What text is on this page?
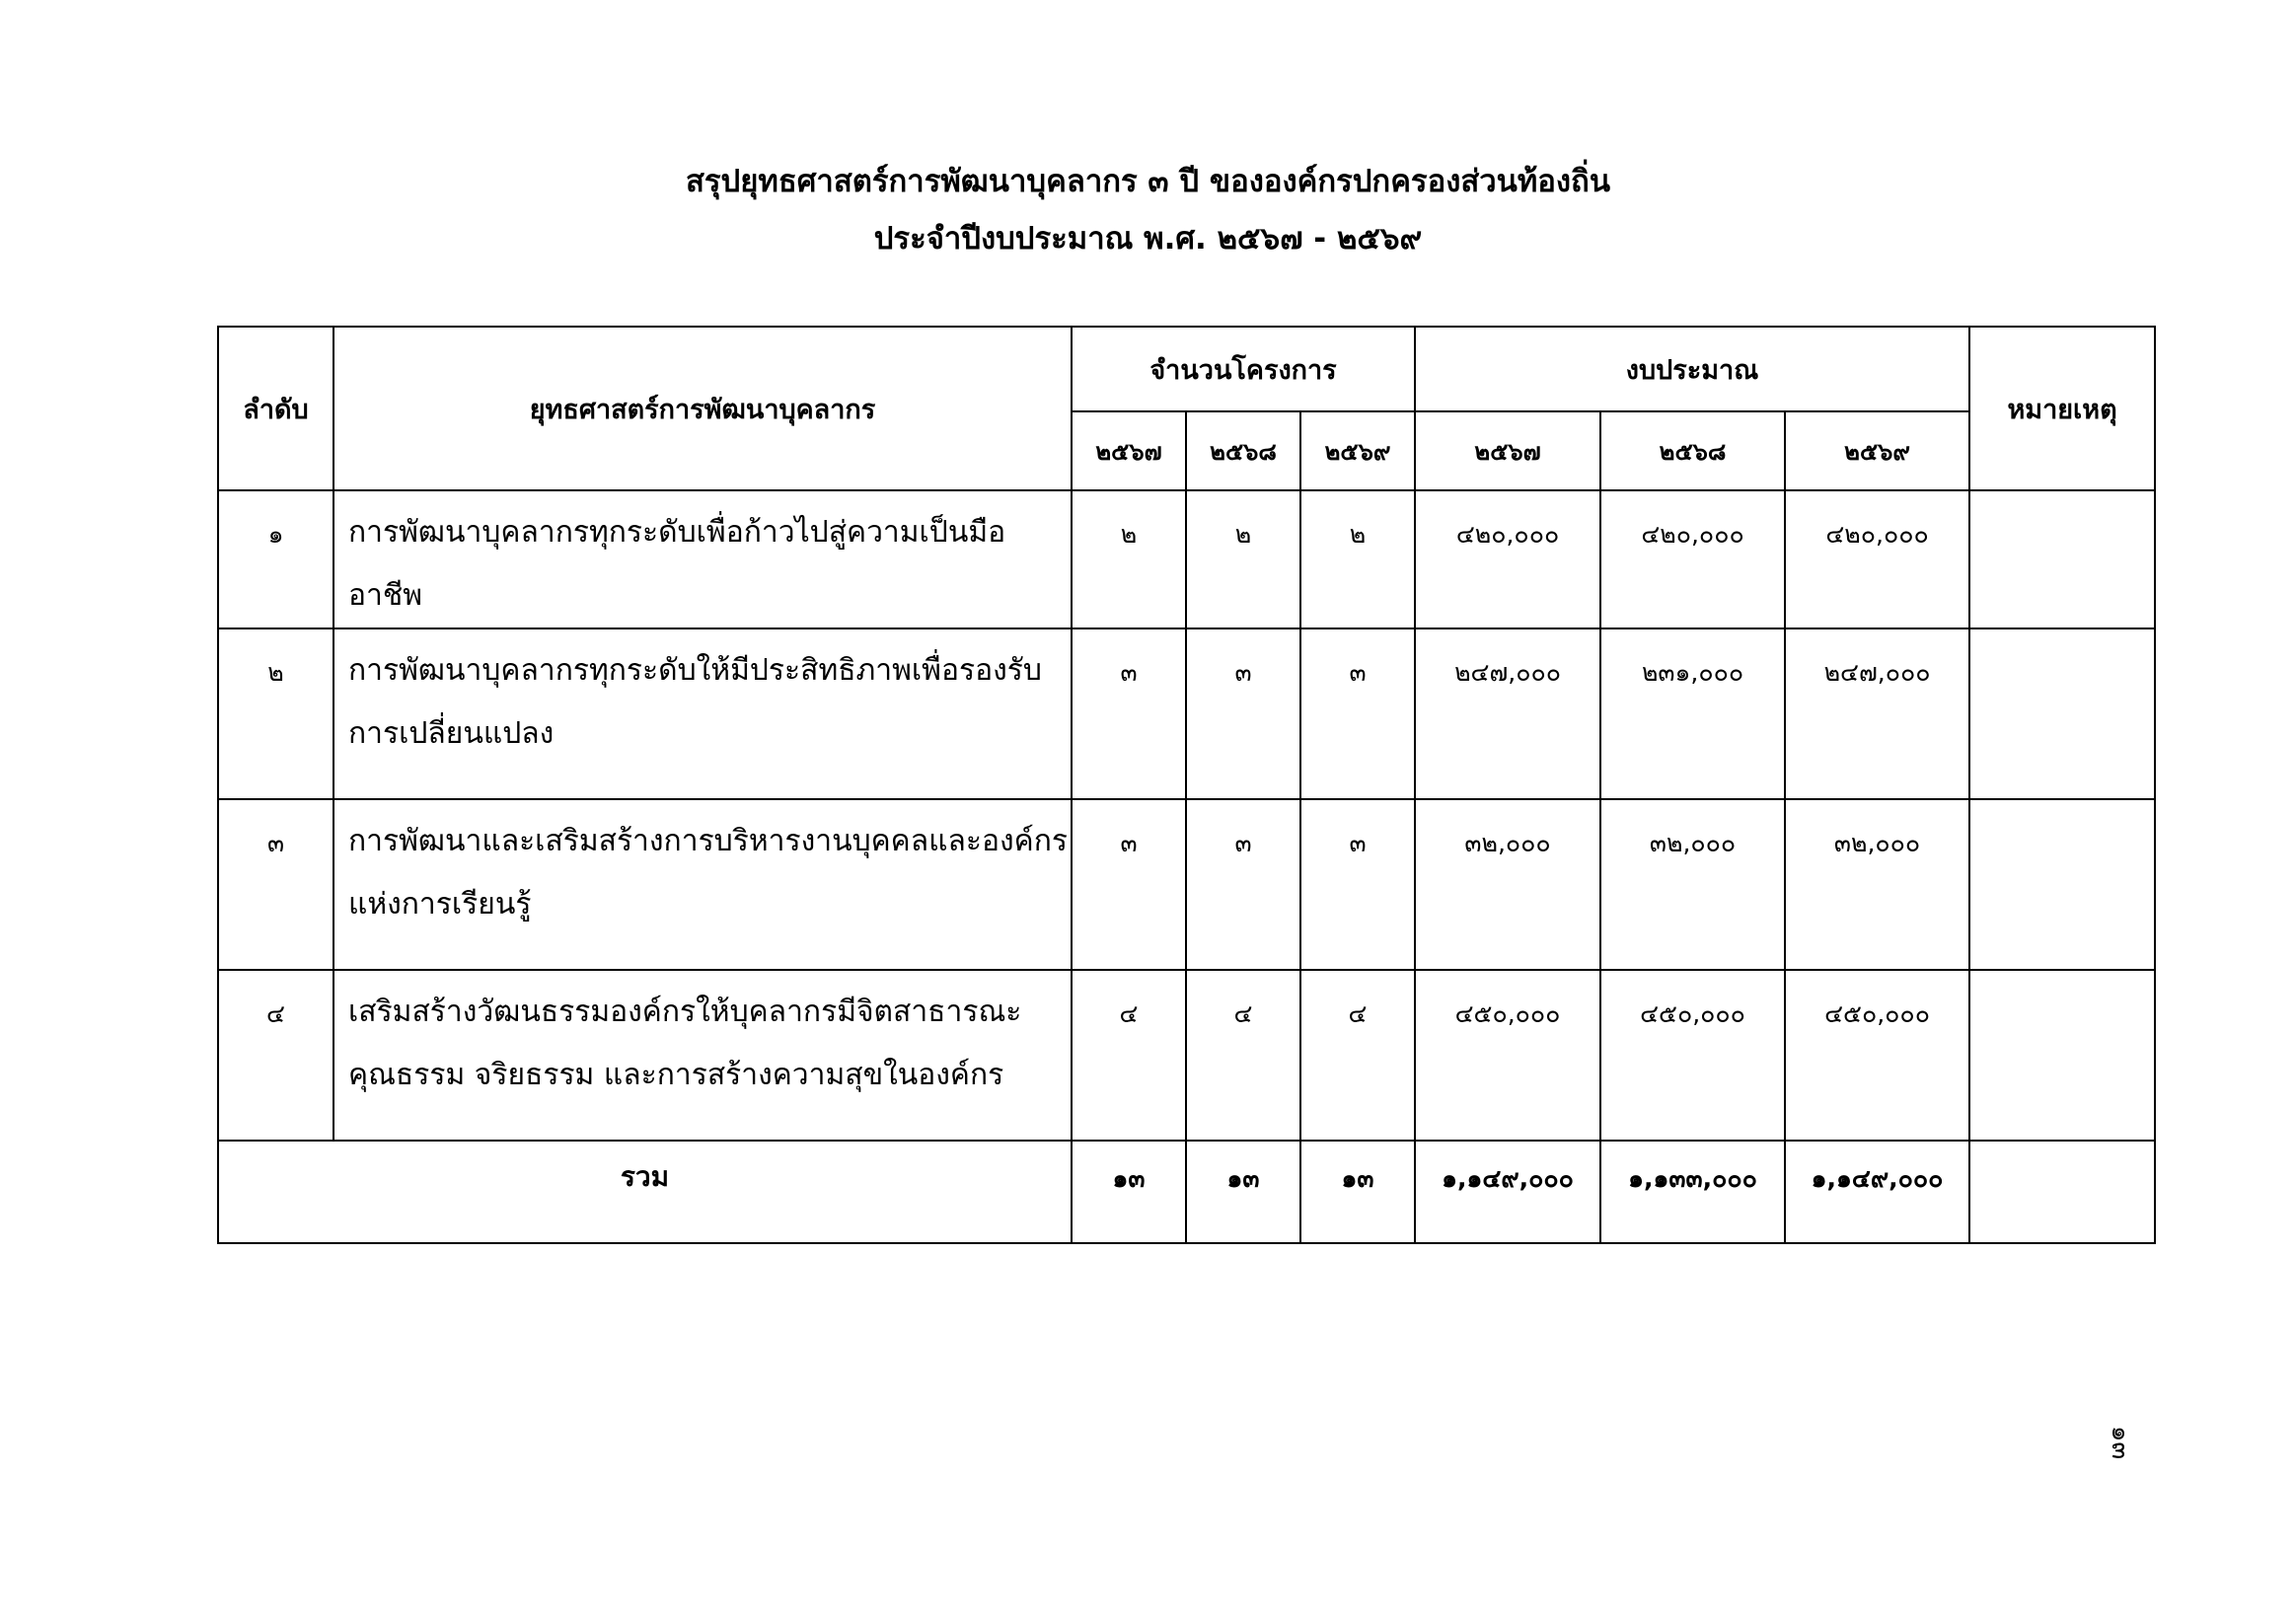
สรุปยุทธศาสตร์การพัฒนาบุคลากร ๓ ปี ขององค์กรปกครองส่วนท้องถิ่น
ประจำปีงบประมาณ พ.ศ. ๒๕๖๗ - ๒๕๖๙
ลำดับ	ยุทธศาสตร์การพัฒนาบุคลากร	จำนวนโครงการ			งบประมาณ			หมายเหตุ
		๒๕๖๗	๒๕๖๘	๒๕๖๙	๒๕๖๗	๒๕๖๘	๒๕๖๙	
๑	การพัฒนาบุคลากรทุกระดับเพื่อก้าวไปสู่ความเป็นมืออาชีพ	๒	๒	๒	๔๒๐,๐๐๐	๔๒๐,๐๐๐	๔๒๐,๐๐๐	
๒	การพัฒนาบุคลากรทุกระดับให้มีประสิทธิภาพเพื่อรองรับ
การเปลี่ยนแปลง	๓	๓	๓	๒๔๗,๐๐๐	๒๓๑,๐๐๐	๒๔๗,๐๐๐	
๓	การพัฒนาและเสริมสร้างการบริหารงานบุคคลและองค์กร
แห่งการเรียนรู้	๓	๓	๓	๓๒,๐๐๐	๓๒,๐๐๐	๓๒,๐๐๐	
๔	เสริมสร้างวัฒนธรรมองค์กรให้บุคลากรมีจิตสาธารณะ
คุณธรรม จริยธรรม และการสร้างความสุขในองค์กร	๔	๔	๔	๔๕๐,๐๐๐	๔๕๐,๐๐๐	๔๕๐,๐๐๐	
รวม		๑๓	๑๓	๑๓	๑,๑๔๙,๐๐๐	๑,๑๓๓,๐๐๐	๑,๑๔๙,๐๐๐	
๑๓
